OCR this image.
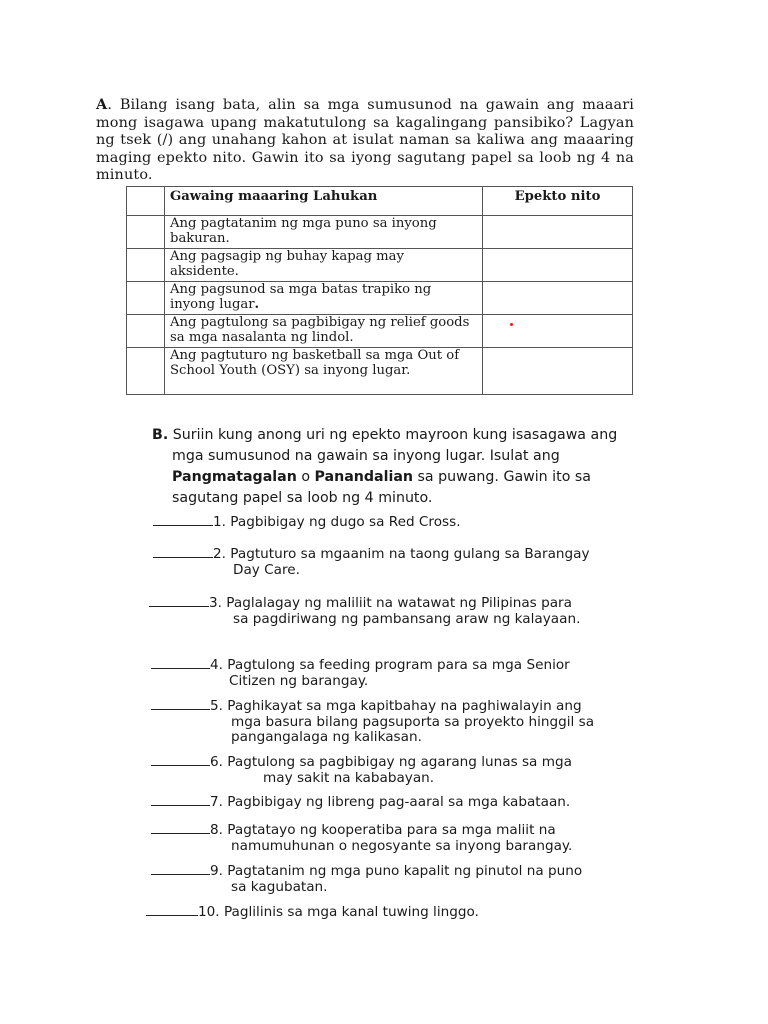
A. Bilang isang bata, alin sa mga sumusunod na gawain ang maaari mong isagawa upang makatutulong sa kagalingang pansibiko? Lagyan ng tsek (/) ang unahang kahon at isulat naman sa kaliwa ang maaaring maging epekto nito. Gawin ito sa iyong sagutang papel sa loob ng 4 na minuto.

	Gawaing maaaring Lahukan	Epekto nito
	Ang pagtatanim ng mga puno sa inyong bakuran.	
	Ang pagsagip ng buhay kapag may aksidente.	
	Ang pagsunod sa mga batas trapiko ng inyong lugar.	
	Ang pagtulong sa pagbibigay ng relief goods sa mga nasalanta ng lindol.	
	Ang pagtuturo ng basketball sa mga Out of School Youth (OSY) sa inyong lugar.	

B. Suriin kung anong uri ng epekto mayroon kung isasagawa ang mga sumusunod na gawain sa inyong lugar. Isulat ang Pangmatagalan o Panandalian sa puwang. Gawin ito sa sagutang papel sa loob ng 4 minuto.

1. Pagbibigay ng dugo sa Red Cross.
2. Pagtuturo sa mgaanim na taong gulang sa Barangay
Day Care.
3. Paglalagay ng maliliit na watawat ng Pilipinas para
sa pagdiriwang ng pambansang araw ng kalayaan.
4. Pagtulong sa feeding program para sa mga Senior
Citizen ng barangay.
5. Paghikayat sa mga kapitbahay na paghiwalayin ang
mga basura bilang pagsuporta sa proyekto hinggil sa
pangangalaga ng kalikasan.
6. Pagtulong sa pagbibigay ng agarang lunas sa mga
may sakit na kababayan.
7. Pagbibigay ng libreng pag-aaral sa mga kabataan.
8. Pagtatayo ng kooperatiba para sa mga maliit na
namumuhunan o negosyante sa inyong barangay.
9. Pagtatanim ng mga puno kapalit ng pinutol na puno
sa kagubatan.
10. Paglilinis sa mga kanal tuwing linggo.
